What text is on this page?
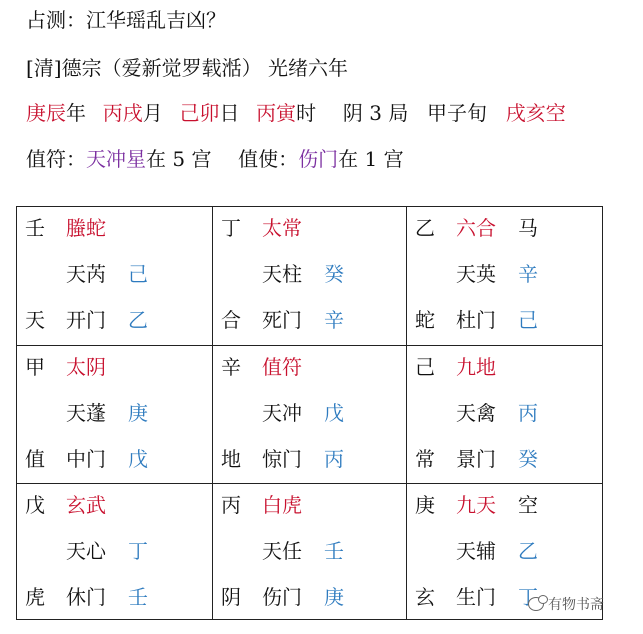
占测：江华瑶乱吉凶？
[清]德宗（爱新觉罗载湉） 光绪六年
庚辰年 丙戌月 己卯日 丙寅时 阴 3 局 甲子旬 戌亥空
值符：天冲星在 5 宫 值使：伤门在 1 宫
壬 螣蛇
天芮 己
天 开门 乙
丁 太常
天柱 癸
合 死门 辛
乙 六合 马
天英 辛
蛇 杜门 己
甲 太阴
天蓬 庚
值 中门 戊
辛 值符
天冲 戊
地 惊门 丙
己 九地
天禽 丙
常 景门 癸
戊 玄武
天心 丁
虎 休门 壬
丙 白虎
天任 壬
阴 伤门 庚
庚 九天 空
天辅 乙
玄 生门 丁 有物书斋
